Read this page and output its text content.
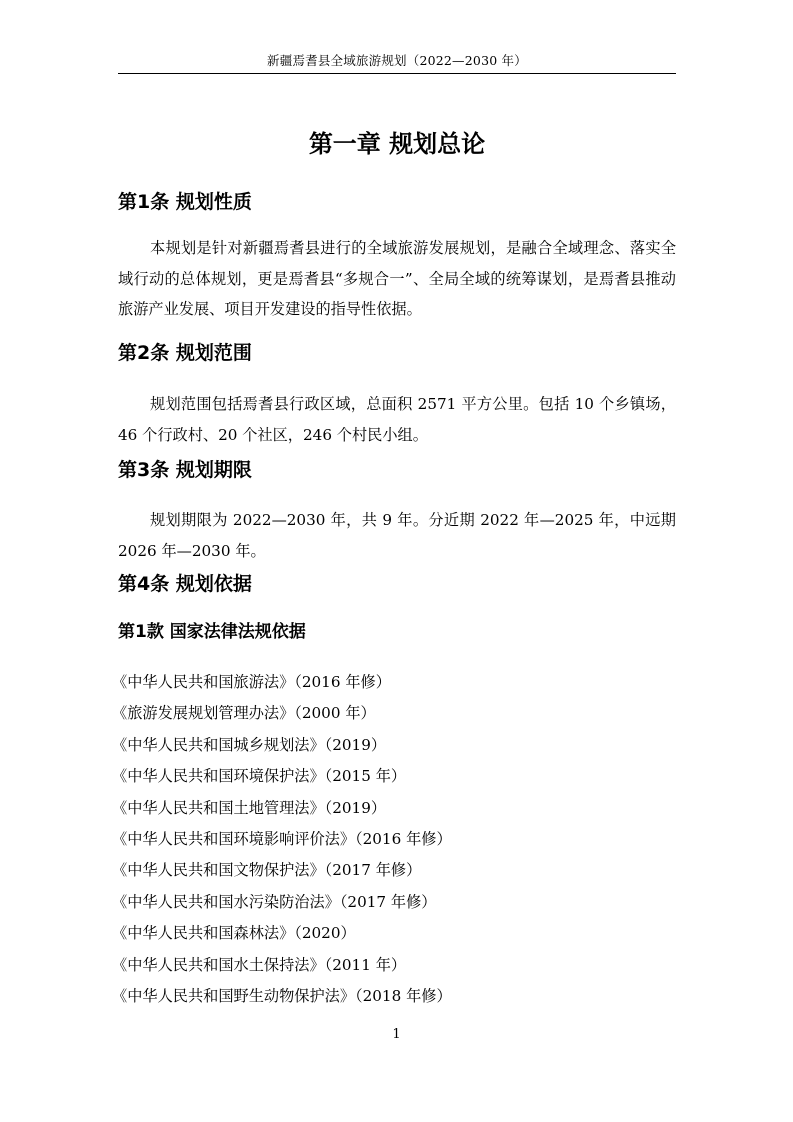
新疆焉耆县全域旅游规划（2022—2030 年）
第一章 规划总论
第1条 规划性质
本规划是针对新疆焉耆县进行的全域旅游发展规划，是融合全域理念、落实全域行动的总体规划，更是焉耆县“多规合一”、全局全域的统筹谋划，是焉耆县推动旅游产业发展、项目开发建设的指导性依据。
第2条 规划范围
规划范围包括焉耆县行政区域，总面积 2571 平方公里。包括 10 个乡镇场，46 个行政村、20 个社区，246 个村民小组。
第3条 规划期限
规划期限为 2022—2030 年，共 9 年。分近期 2022 年—2025 年，中远期 2026 年—2030 年。
第4条 规划依据
第1款 国家法律法规依据
《中华人民共和国旅游法》（2016 年修）
《旅游发展规划管理办法》（2000 年）
《中华人民共和国城乡规划法》（2019）
《中华人民共和国环境保护法》（2015 年）
《中华人民共和国土地管理法》（2019）
《中华人民共和国环境影响评价法》（2016 年修）
《中华人民共和国文物保护法》（2017 年修）
《中华人民共和国水污染防治法》（2017 年修）
《中华人民共和国森林法》（2020）
《中华人民共和国水土保持法》（2011 年）
《中华人民共和国野生动物保护法》（2018 年修）
1
